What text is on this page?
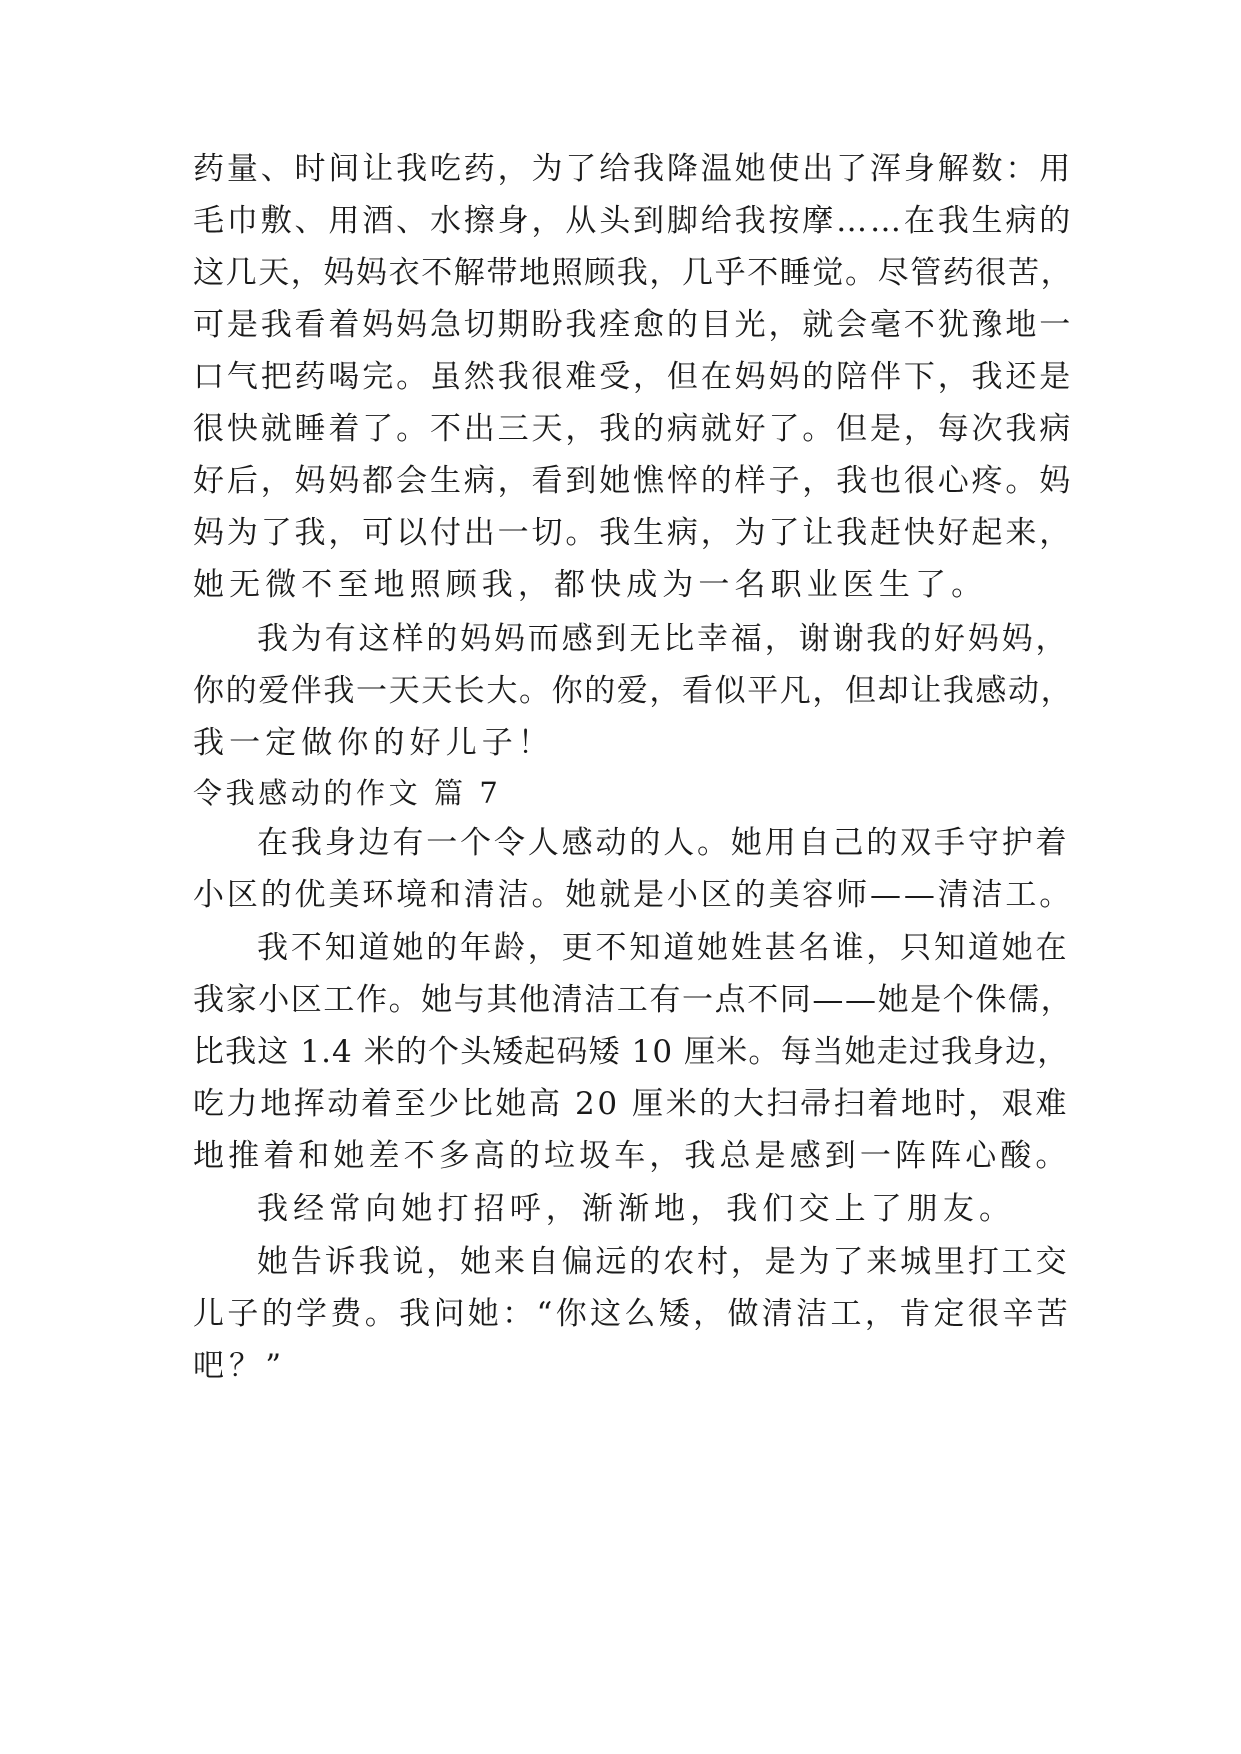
药量、时间让我吃药，为了给我降温她使出了浑身解数：用
毛巾敷、用酒、水擦身，从头到脚给我按摩……在我生病的
这几天，妈妈衣不解带地照顾我，几乎不睡觉。尽管药很苦，
可是我看着妈妈急切期盼我痊愈的目光，就会毫不犹豫地一
口气把药喝完。虽然我很难受，但在妈妈的陪伴下，我还是
很快就睡着了。不出三天，我的病就好了。但是，每次我病
好后，妈妈都会生病，看到她憔悴的样子，我也很心疼。妈
妈为了我，可以付出一切。我生病，为了让我赶快好起来，
她无微不至地照顾我，都快成为一名职业医生了。
我为有这样的妈妈而感到无比幸福，谢谢我的好妈妈，
你的爱伴我一天天长大。你的爱，看似平凡，但却让我感动，
我一定做你的好儿子！
令我感动的作文 篇 7
在我身边有一个令人感动的人。她用自己的双手守护着
小区的优美环境和清洁。她就是小区的美容师——清洁工。
我不知道她的年龄，更不知道她姓甚名谁，只知道她在
我家小区工作。她与其他清洁工有一点不同——她是个侏儒，
比我这 1.4 米的个头矮起码矮 10 厘米。每当她走过我身边，
吃力地挥动着至少比她高 20 厘米的大扫帚扫着地时，艰难
地推着和她差不多高的垃圾车，我总是感到一阵阵心酸。
我经常向她打招呼，渐渐地，我们交上了朋友。
她告诉我说，她来自偏远的农村，是为了来城里打工交
儿子的学费。我问她：“你这么矮，做清洁工，肯定很辛苦
吧？”
